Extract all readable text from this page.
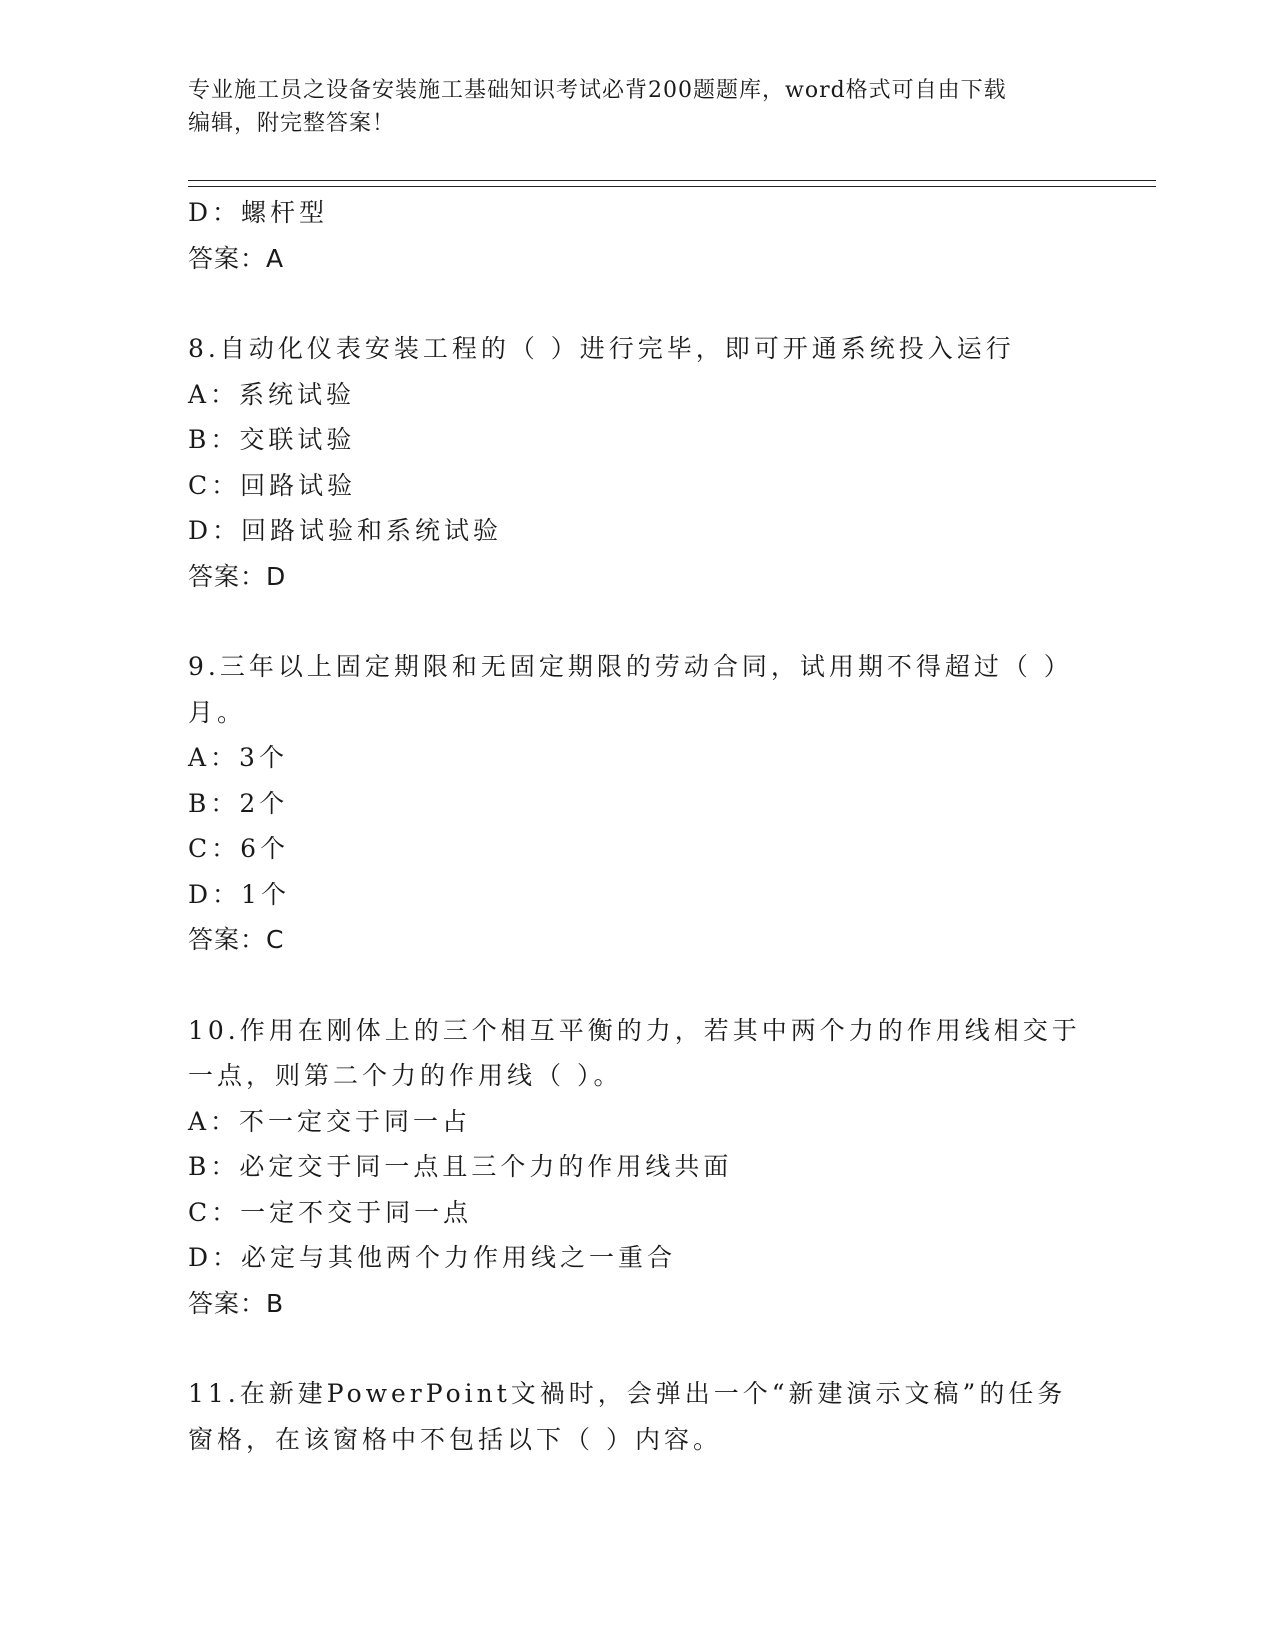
专业施工员之设备安装施工基础知识考试必背200题题库，word格式可自由下载
编辑，附完整答案！
D：螺杆型
答案：A
8.自动化仪表安装工程的（ ）进行完毕，即可开通系统投入运行
A：系统试验
B：交联试验
C：回路试验
D：回路试验和系统试验
答案：D
9.三年以上固定期限和无固定期限的劳动合同，试用期不得超过（ ）
月。
A：3个
B：2个
C：6个
D：1个
答案：C
10.作用在刚体上的三个相互平衡的力，若其中两个力的作用线相交于
一点，则第二个力的作用线（ ）。
A：不一定交于同一占
B：必定交于同一点且三个力的作用线共面
C：一定不交于同一点
D：必定与其他两个力作用线之一重合
答案：B
11.在新建PowerPoint文禍时，会弹出一个“新建演示文稿”的任务
窗格，在该窗格中不包括以下（ ）内容。
